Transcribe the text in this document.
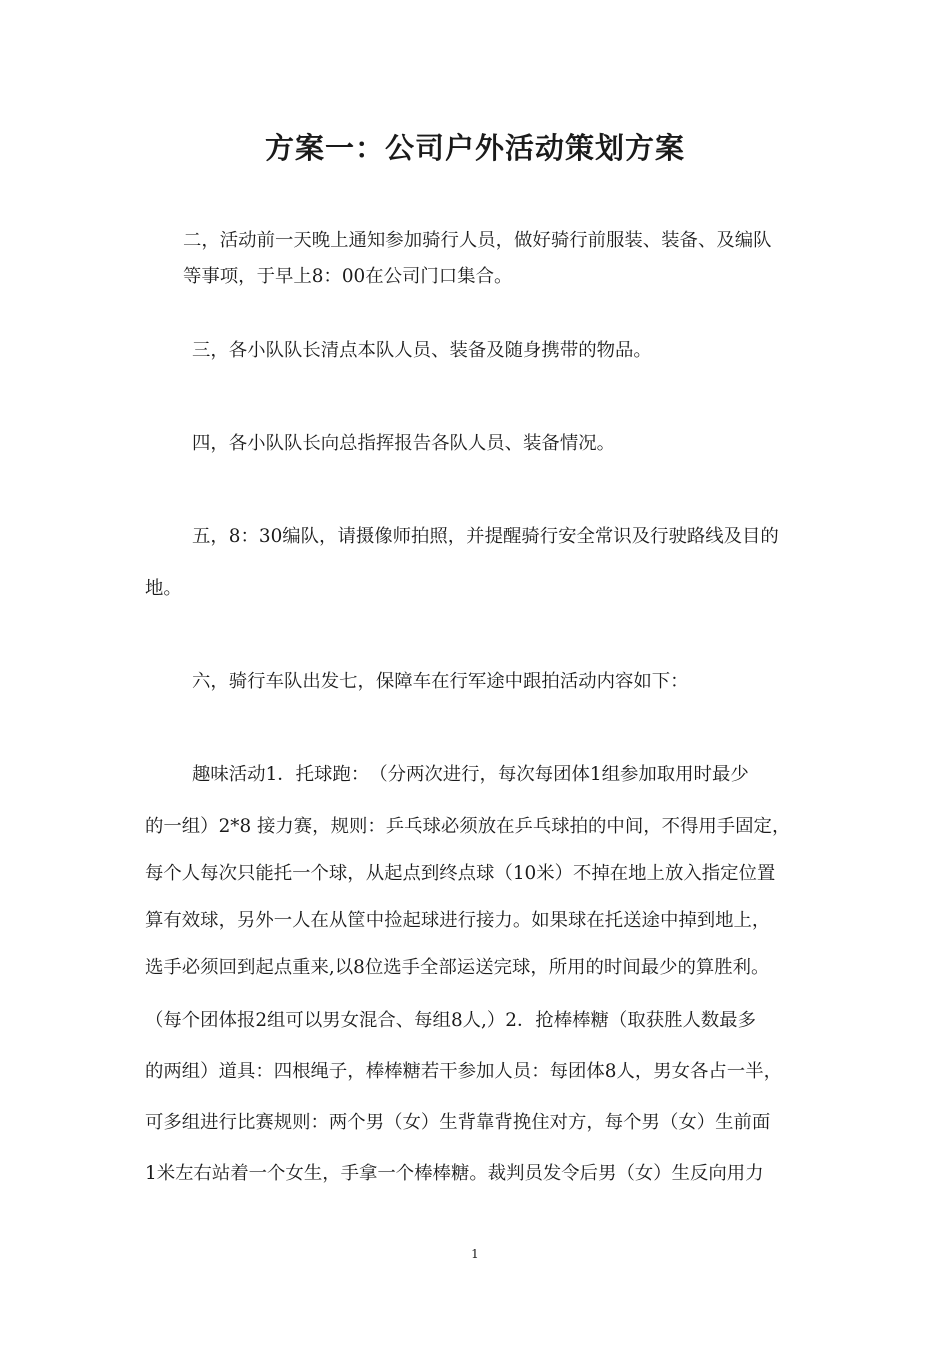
方案一：公司户外活动策划方案

二，活动前一天晚上通知参加骑行人员，做好骑行前服装、装备、及编队

等事项，于早上8：00在公司门口集合。

三，各小队队长清点本队人员、装备及随身携带的物品。

四，各小队队长向总指挥报告各队人员、装备情况。

五，8：30编队，请摄像师拍照，并提醒骑行安全常识及行驶路线及目的

地。

六，骑行车队出发七，保障车在行军途中跟拍活动内容如下：

趣味活动1．托球跑：　（分两次进行，每次每团体1组参加取用时最少

的一组）2*8 接力赛，规则：乒乓球必须放在乒乓球拍的中间，不得用手固定，

每个人每次只能托一个球，从起点到终点球（10米）不掉在地上放入指定位置

算有效球，另外一人在从筐中捡起球进行接力。如果球在托送途中掉到地上，

选手必须回到起点重来,以8位选手全部运送完球，所用的时间最少的算胜利。

（每个团体报2组可以男女混合、每组8人,）2．抢棒棒糖（取获胜人数最多

的两组）道具：四根绳子，棒棒糖若干参加人员：每团体8人，男女各占一半，

可多组进行比赛规则：两个男（女）生背靠背挽住对方，每个男（女）生前面

1米左右站着一个女生，手拿一个棒棒糖。裁判员发令后男（女）生反向用力

1
